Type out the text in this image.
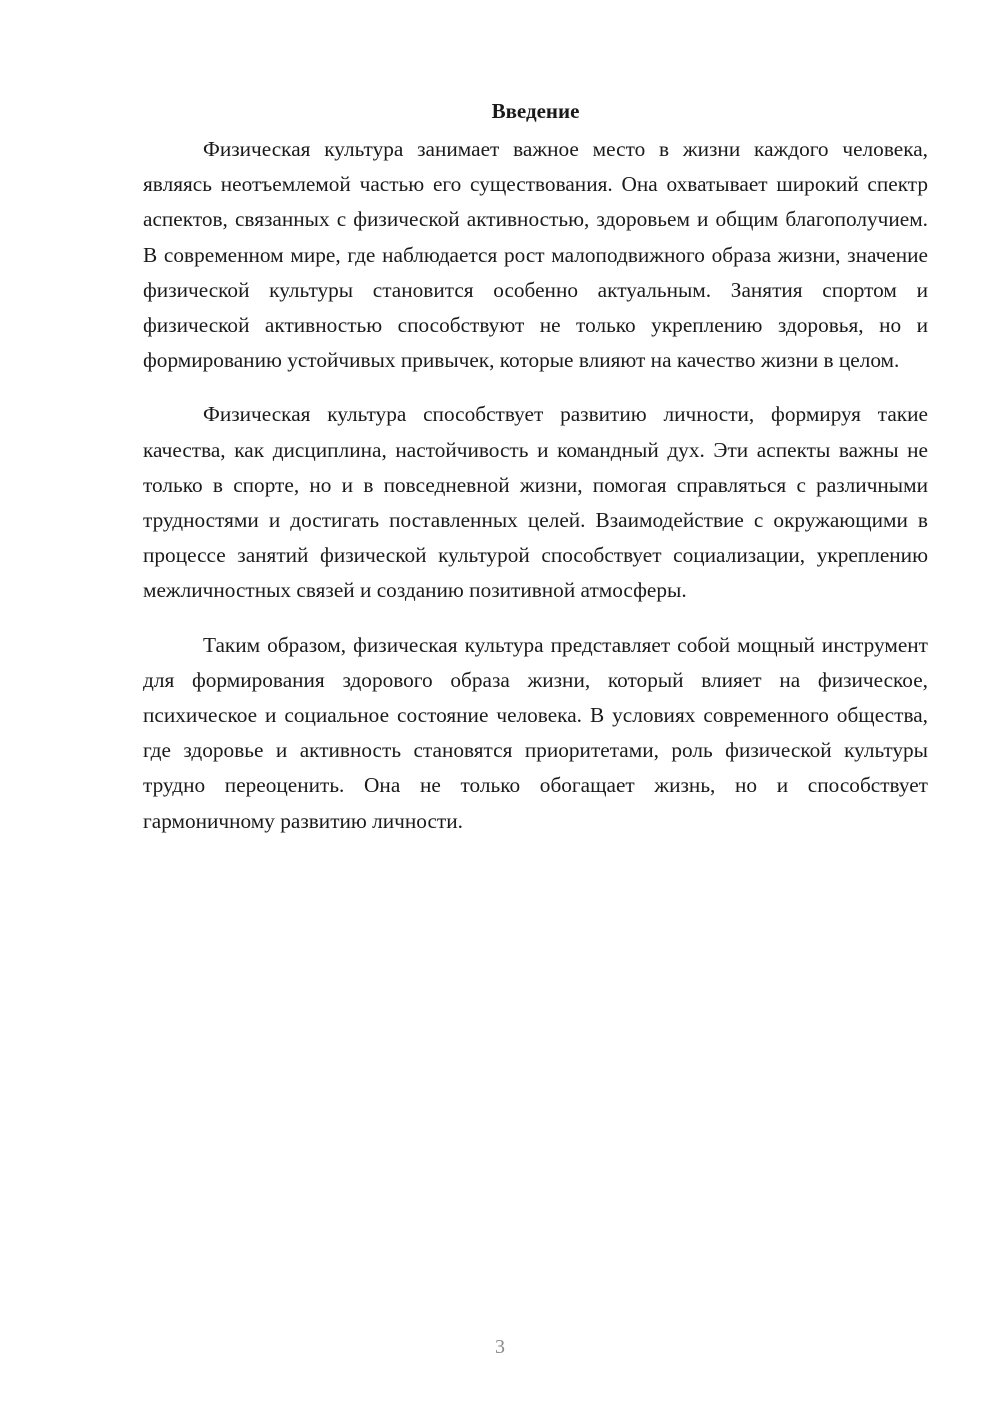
Введение

Физическая культура занимает важное место в жизни каждого человека, являясь неотъемлемой частью его существования. Она охватывает широкий спектр аспектов, связанных с физической активностью, здоровьем и общим благополучием. В современном мире, где наблюдается рост малоподвижного образа жизни, значение физической культуры становится особенно актуальным. Занятия спортом и физической активностью способствуют не только укреплению здоровья, но и формированию устойчивых привычек, которые влияют на качество жизни в целом.

Физическая культура способствует развитию личности, формируя такие качества, как дисциплина, настойчивость и командный дух. Эти аспекты важны не только в спорте, но и в повседневной жизни, помогая справляться с различными трудностями и достигать поставленных целей. Взаимодействие с окружающими в процессе занятий физической культурой способствует социализации, укреплению межличностных связей и созданию позитивной атмосферы.

Таким образом, физическая культура представляет собой мощный инструмент для формирования здорового образа жизни, который влияет на физическое, психическое и социальное состояние человека. В условиях современного общества, где здоровье и активность становятся приоритетами, роль физической культуры трудно переоценить. Она не только обогащает жизнь, но и способствует гармоничному развитию личности.

3
